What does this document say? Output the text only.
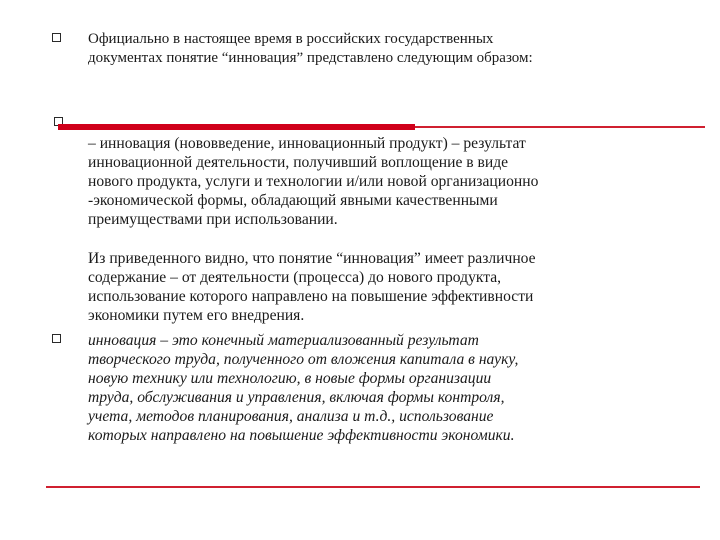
Официально в настоящее время в российских государственных
документах понятие “инновация” представлено следующим образом:

– инновация (нововведение, инновационный продукт) – результат
инновационной деятельности, получивший воплощение в виде
нового продукта, услуги и технологии и/или новой организационно
-экономической формы, обладающий явными качественными
преимуществами при использовании.

Из приведенного видно, что понятие “инновация” имеет различное
содержание – от деятельности (процесса) до нового продукта,
использование которого направлено на повышение эффективности
экономики путем его внедрения.

инновация – это конечный материализованный результат
творческого труда, полученного от вложения капитала в науку,
новую технику или технологию, в новые формы организации
труда, обслуживания и управления, включая формы контроля,
учета, методов планирования, анализа и т.д., использование
которых направлено на повышение эффективности экономики.
